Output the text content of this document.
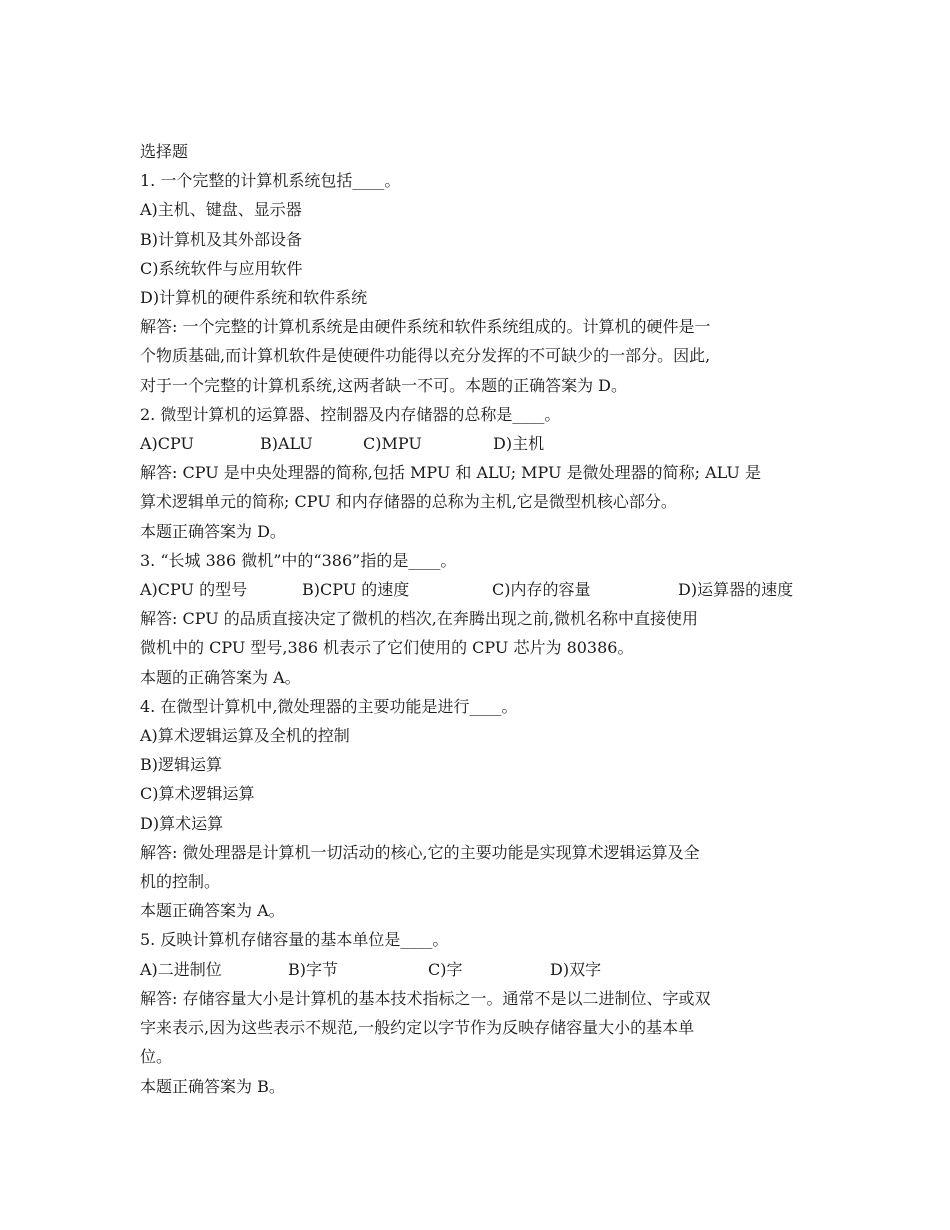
选择题
1. 一个完整的计算机系统包括____。
A)主机、键盘、显示器
B)计算机及其外部设备
C)系统软件与应用软件
D)计算机的硬件系统和软件系统
解答: 一个完整的计算机系统是由硬件系统和软件系统组成的。计算机的硬件是一
个物质基础,而计算机软件是使硬件功能得以充分发挥的不可缺少的一部分。因此,
对于一个完整的计算机系统,这两者缺一不可。本题的正确答案为 D。
2. 微型计算机的运算器、控制器及内存储器的总称是____。
A)CPU	B)ALU	C)MPU	D)主机
解答: CPU 是中央处理器的简称,包括 MPU 和 ALU; MPU 是微处理器的简称; ALU 是
算术逻辑单元的简称; CPU 和内存储器的总称为主机,它是微型机核心部分。
本题正确答案为 D。
3. “长城 386 微机”中的“386”指的是____。
A)CPU 的型号	B)CPU 的速度	C)内存的容量	D)运算器的速度
解答: CPU 的品质直接决定了微机的档次,在奔腾出现之前,微机名称中直接使用
微机中的 CPU 型号,386 机表示了它们使用的 CPU 芯片为 80386。
本题的正确答案为 A。
4. 在微型计算机中,微处理器的主要功能是进行____。
A)算术逻辑运算及全机的控制
B)逻辑运算
C)算术逻辑运算
D)算术运算
解答: 微处理器是计算机一切活动的核心,它的主要功能是实现算术逻辑运算及全
机的控制。
本题正确答案为 A。
5. 反映计算机存储容量的基本单位是____。
A)二进制位	B)字节	C)字	D)双字
解答: 存储容量大小是计算机的基本技术指标之一。通常不是以二进制位、字或双
字来表示,因为这些表示不规范,一般约定以字节作为反映存储容量大小的基本单
位。
本题正确答案为 B。
